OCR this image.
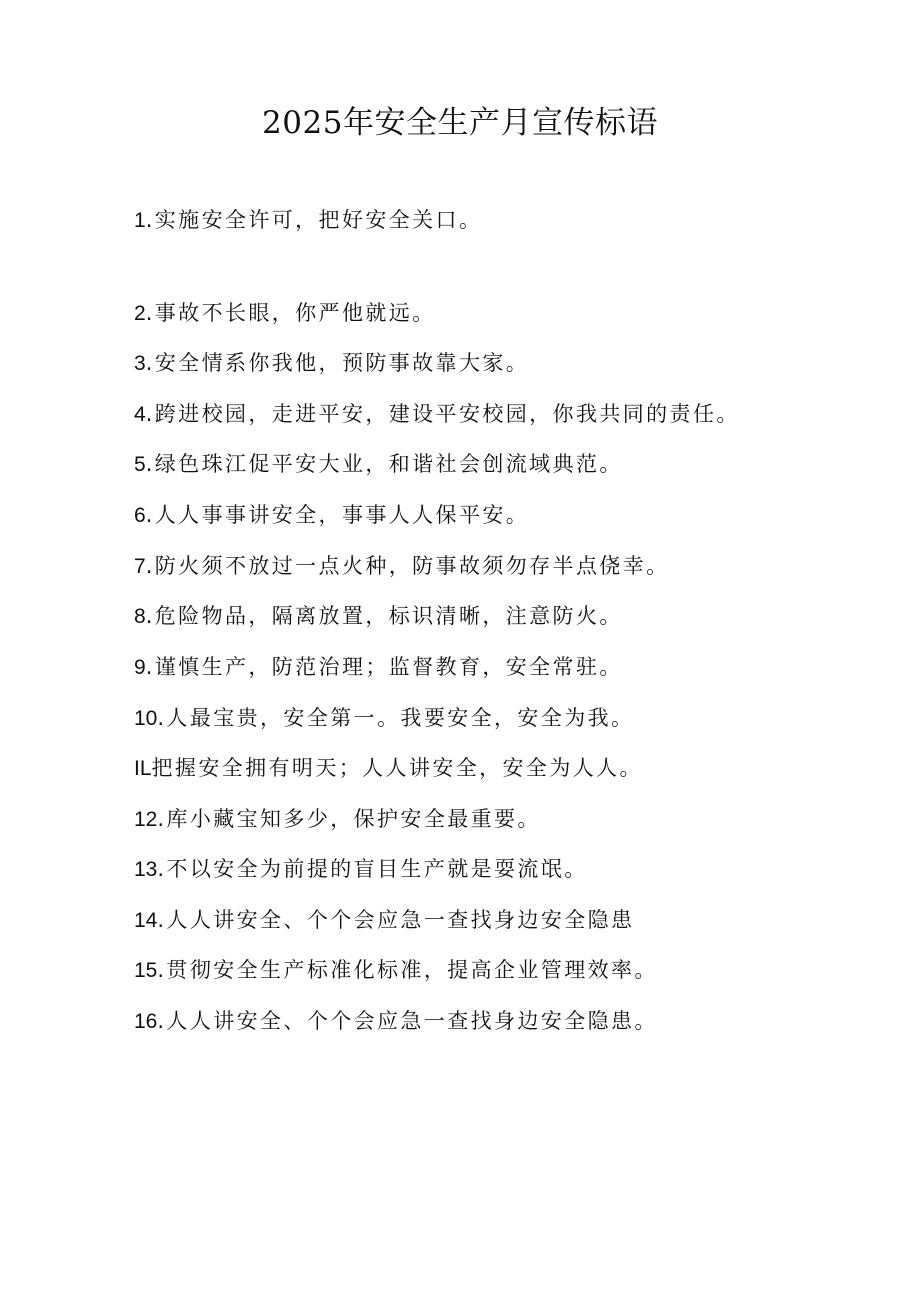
2025年安全生产月宣传标语
1.实施安全许可，把好安全关口。
2.事故不长眼，你严他就远。
3.安全情系你我他，预防事故靠大家。
4.跨进校园，走进平安，建设平安校园，你我共同的责任。
5.绿色珠江促平安大业，和谐社会创流域典范。
6.人人事事讲安全，事事人人保平安。
7.防火须不放过一点火种，防事故须勿存半点侥幸。
8.危险物品，隔离放置，标识清晰，注意防火。
9.谨慎生产，防范治理；监督教育，安全常驻。
10.人最宝贵，安全第一。我要安全，安全为我。
IL把握安全拥有明天；人人讲安全，安全为人人。
12.库小藏宝知多少，保护安全最重要。
13.不以安全为前提的盲目生产就是耍流氓。
14.人人讲安全、个个会应急一查找身边安全隐患
15.贯彻安全生产标准化标准，提高企业管理效率。
16.人人讲安全、个个会应急一查找身边安全隐患。
